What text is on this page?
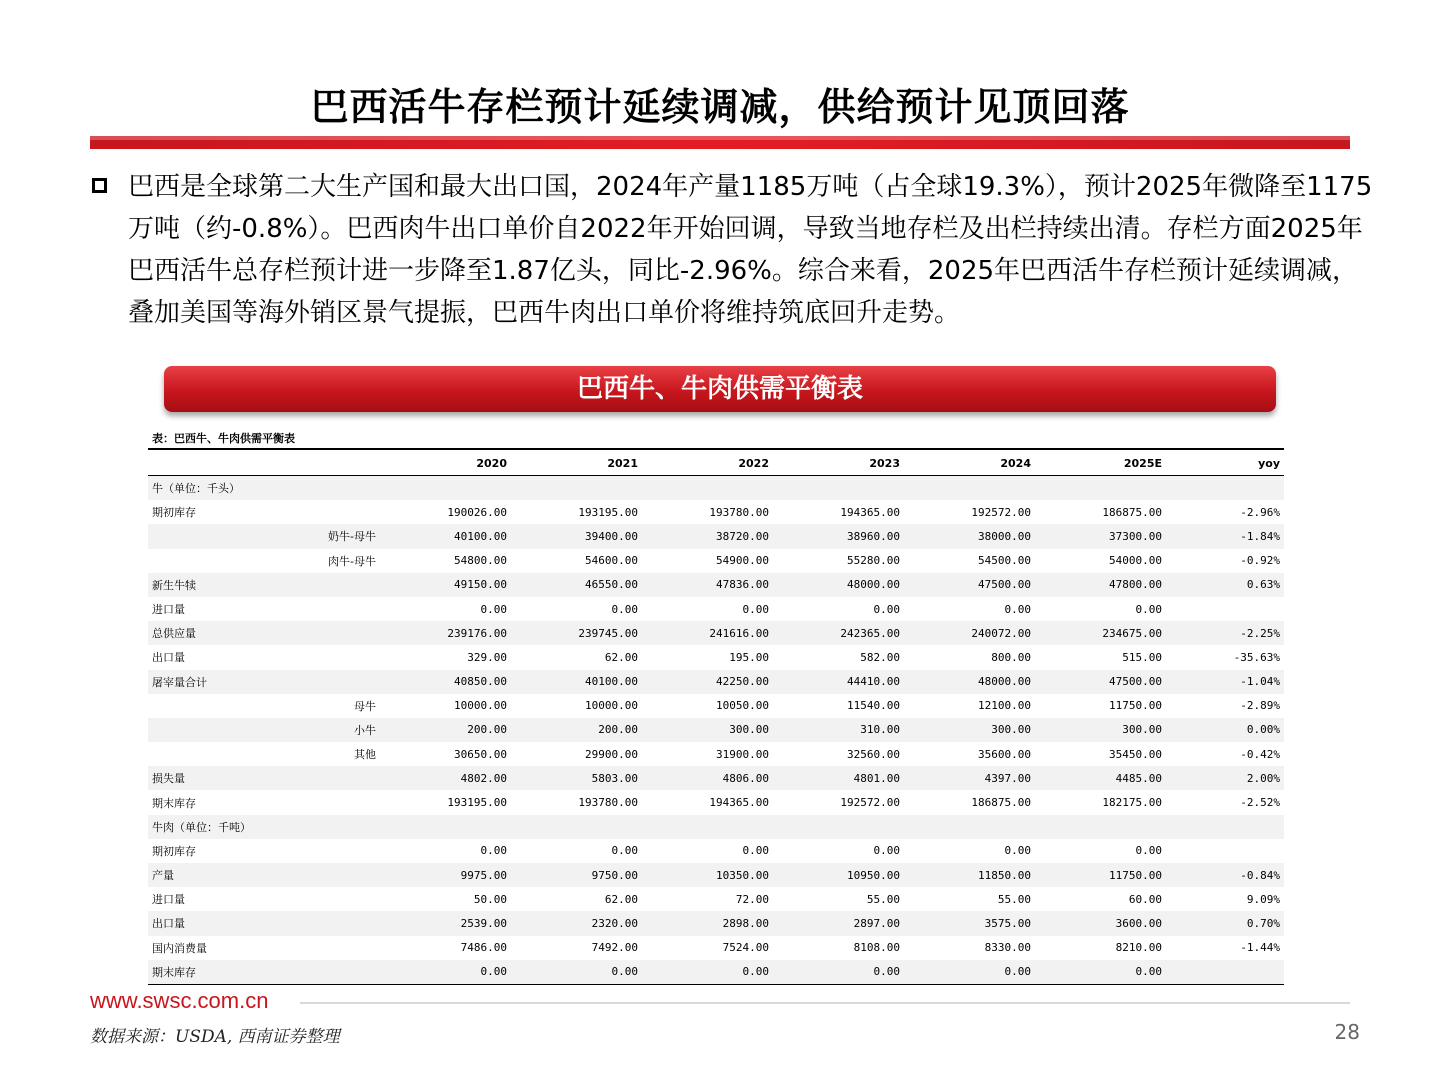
巴西活牛存栏预计延续调减，供给预计见顶回落
巴西是全球第二大生产国和最大出口国，2024年产量1185万吨（占全球19.3%），预计2025年微降至1175万吨（约-0.8%）。巴西肉牛出口单价自2022年开始回调，导致当地存栏及出栏持续出清。存栏方面2025年巴西活牛总存栏预计进一步降至1.87亿头，同比-2.96%。综合来看，2025年巴西活牛存栏预计延续调减，叠加美国等海外销区景气提振，巴西牛肉出口单价将维持筑底回升走势。
巴西牛、牛肉供需平衡表
表：巴西牛、牛肉供需平衡表
		2020	2021	2022	2023	2024	2025E	yoy
牛（单位：千头）								
期初库存		190026.00	193195.00	193780.00	194365.00	192572.00	186875.00	-2.96%
	奶牛-母牛	40100.00	39400.00	38720.00	38960.00	38000.00	37300.00	-1.84%
	肉牛-母牛	54800.00	54600.00	54900.00	55280.00	54500.00	54000.00	-0.92%
新生牛犊		49150.00	46550.00	47836.00	48000.00	47500.00	47800.00	0.63%
进口量		0.00	0.00	0.00	0.00	0.00	0.00	
总供应量		239176.00	239745.00	241616.00	242365.00	240072.00	234675.00	-2.25%
出口量		329.00	62.00	195.00	582.00	800.00	515.00	-35.63%
屠宰量合计		40850.00	40100.00	42250.00	44410.00	48000.00	47500.00	-1.04%
	母牛	10000.00	10000.00	10050.00	11540.00	12100.00	11750.00	-2.89%
	小牛	200.00	200.00	300.00	310.00	300.00	300.00	0.00%
	其他	30650.00	29900.00	31900.00	32560.00	35600.00	35450.00	-0.42%
损失量		4802.00	5803.00	4806.00	4801.00	4397.00	4485.00	2.00%
期末库存		193195.00	193780.00	194365.00	192572.00	186875.00	182175.00	-2.52%
牛肉（单位：千吨）								
期初库存		0.00	0.00	0.00	0.00	0.00	0.00	
产量		9975.00	9750.00	10350.00	10950.00	11850.00	11750.00	-0.84%
进口量		50.00	62.00	72.00	55.00	55.00	60.00	9.09%
出口量		2539.00	2320.00	2898.00	2897.00	3575.00	3600.00	0.70%
国内消费量		7486.00	7492.00	7524.00	8108.00	8330.00	8210.00	-1.44%
期末库存		0.00	0.00	0.00	0.00	0.00	0.00	
www.swsc.com.cn
数据来源：USDA, 西南证券整理	28
